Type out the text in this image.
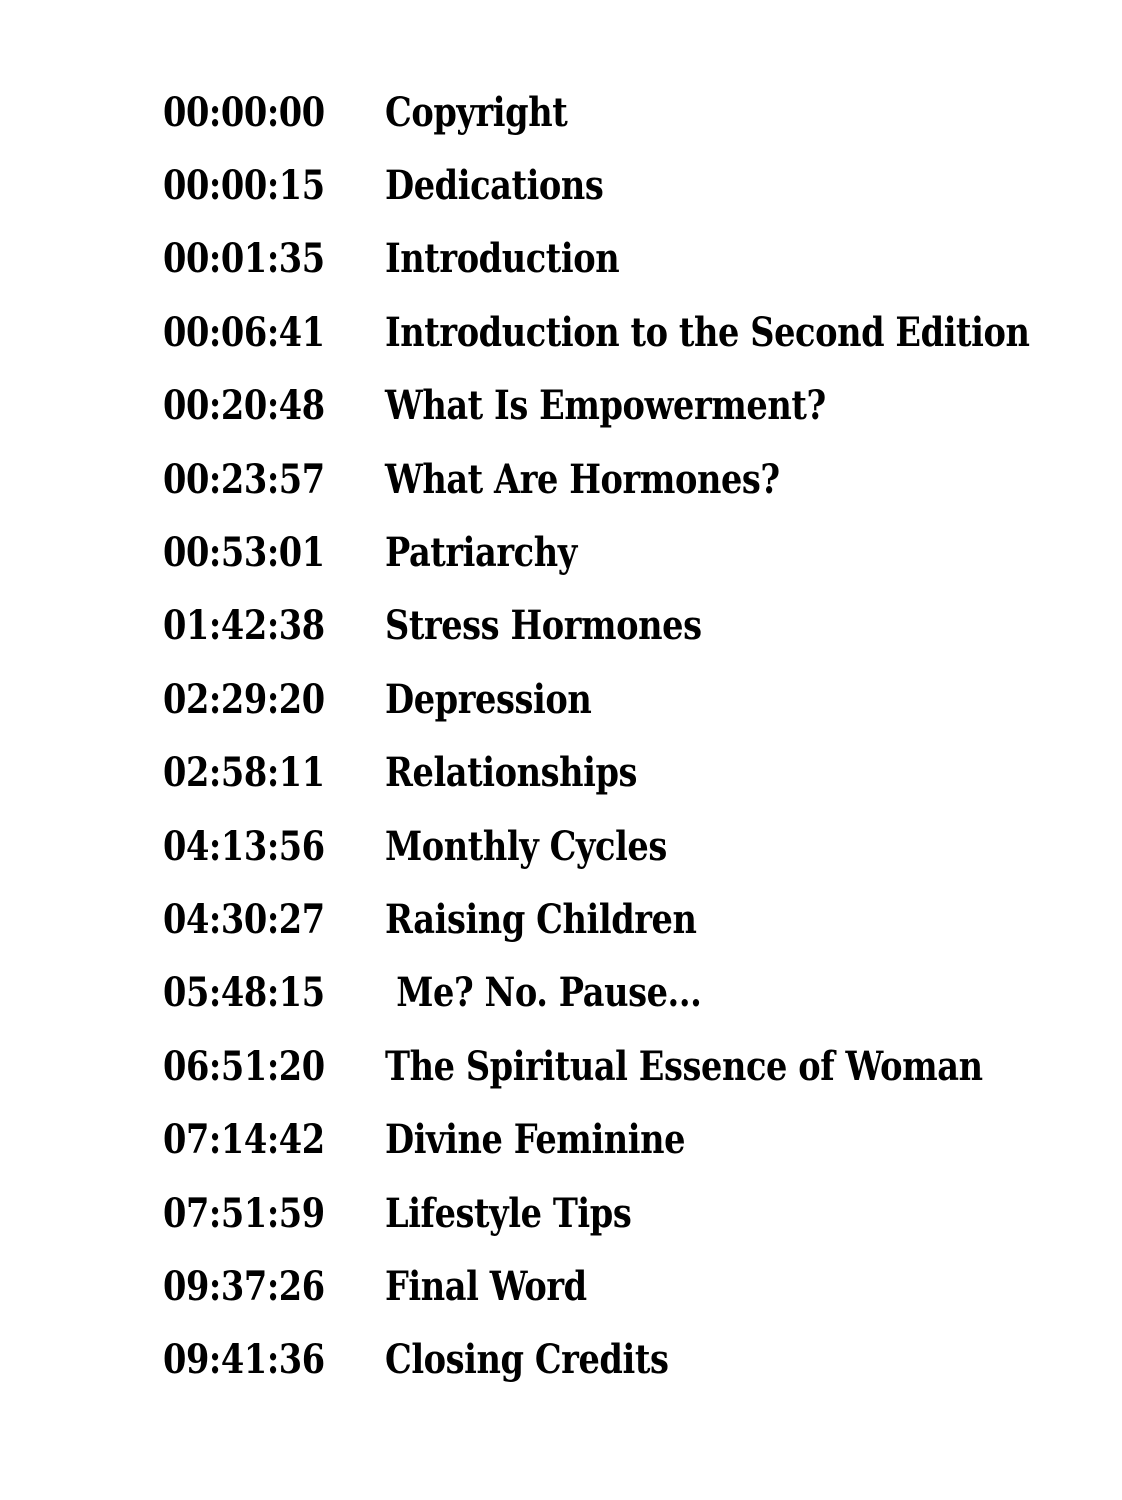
00:00:00	Copyright
00:00:15	Dedications
00:01:35	Introduction
00:06:41	Introduction to the Second Edition
00:20:48	What Is Empowerment?
00:23:57	What Are Hormones?
00:53:01	Patriarchy
01:42:38	Stress Hormones
02:29:20	Depression
02:58:11	Relationships
04:13:56	Monthly Cycles
04:30:27	Raising Children
05:48:15	Me? No. Pause...
06:51:20	The Spiritual Essence of Woman
07:14:42	Divine Feminine
07:51:59	Lifestyle Tips
09:37:26	Final Word
09:41:36	Closing Credits
